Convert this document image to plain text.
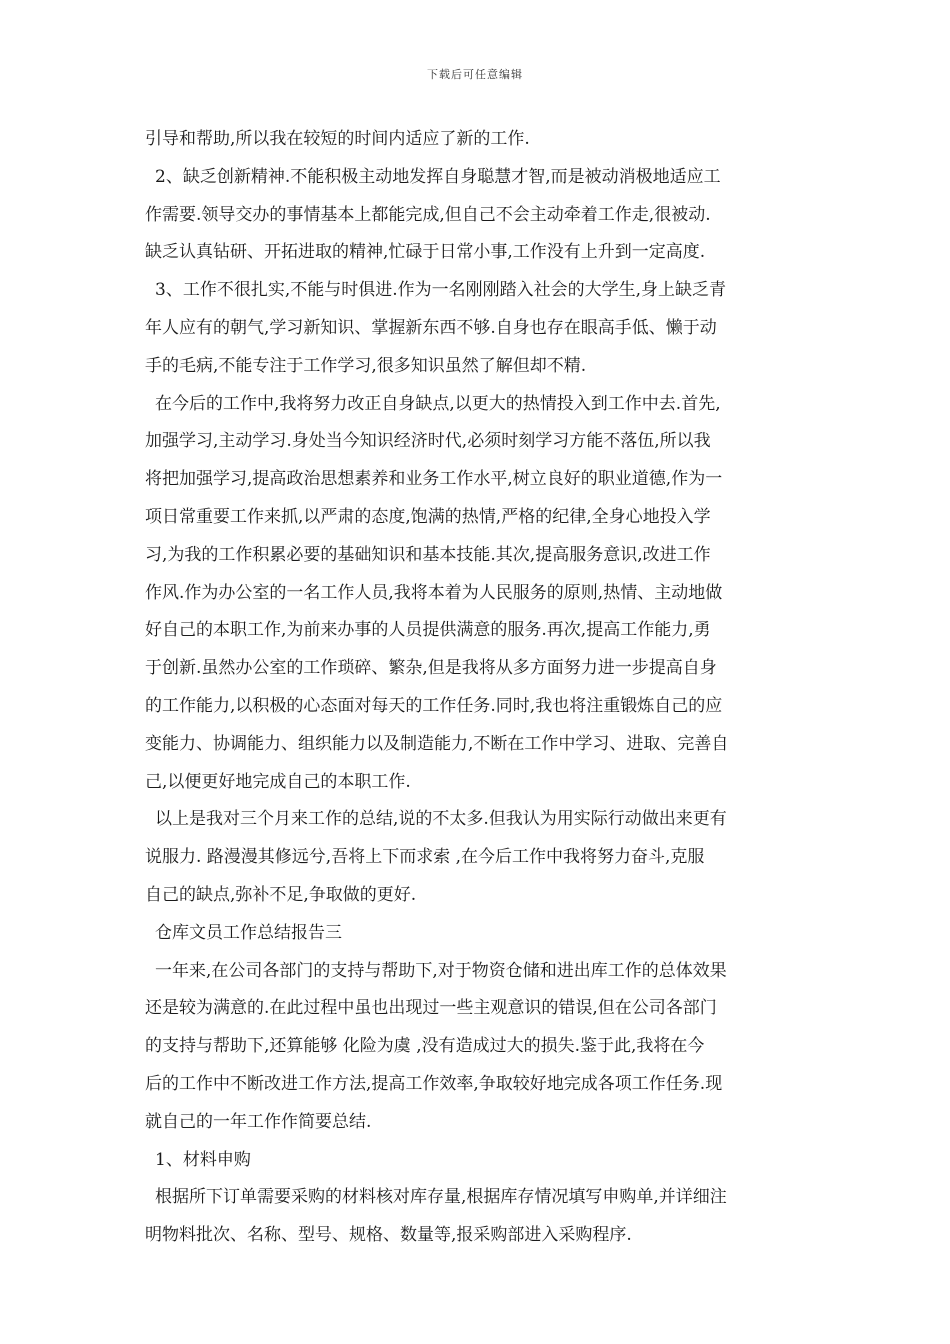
下载后可任意编辑
引导和帮助,所以我在较短的时间内适应了新的工作.
2、缺乏创新精神.不能积极主动地发挥自身聪慧才智,而是被动消极地适应工
作需要.领导交办的事情基本上都能完成,但自己不会主动牵着工作走,很被动.
缺乏认真钻研、开拓进取的精神,忙碌于日常小事,工作没有上升到一定高度.
3、工作不很扎实,不能与时俱进.作为一名刚刚踏入社会的大学生,身上缺乏青
年人应有的朝气,学习新知识、掌握新东西不够.自身也存在眼高手低、懒于动
手的毛病,不能专注于工作学习,很多知识虽然了解但却不精.
在今后的工作中,我将努力改正自身缺点,以更大的热情投入到工作中去.首先,
加强学习,主动学习.身处当今知识经济时代,必须时刻学习方能不落伍,所以我
将把加强学习,提高政治思想素养和业务工作水平,树立良好的职业道德,作为一
项日常重要工作来抓,以严肃的态度,饱满的热情,严格的纪律,全身心地投入学
习,为我的工作积累必要的基础知识和基本技能.其次,提高服务意识,改进工作
作风.作为办公室的一名工作人员,我将本着为人民服务的原则,热情、主动地做
好自己的本职工作,为前来办事的人员提供满意的服务.再次,提高工作能力,勇
于创新.虽然办公室的工作琐碎、繁杂,但是我将从多方面努力进一步提高自身
的工作能力,以积极的心态面对每天的工作任务.同时,我也将注重锻炼自己的应
变能力、协调能力、组织能力以及制造能力,不断在工作中学习、进取、完善自
己,以便更好地完成自己的本职工作.
以上是我对三个月来工作的总结,说的不太多.但我认为用实际行动做出来更有
说服力. 路漫漫其修远兮,吾将上下而求索 ,在今后工作中我将努力奋斗,克服
自己的缺点,弥补不足,争取做的更好.
仓库文员工作总结报告三
一年来,在公司各部门的支持与帮助下,对于物资仓储和进出库工作的总体效果
还是较为满意的.在此过程中虽也出现过一些主观意识的错误,但在公司各部门
的支持与帮助下,还算能够 化险为虞 ,没有造成过大的损失.鉴于此,我将在今
后的工作中不断改进工作方法,提高工作效率,争取较好地完成各项工作任务.现
就自己的一年工作作简要总结.
1、材料申购
根据所下订单需要采购的材料核对库存量,根据库存情况填写申购单,并详细注
明物料批次、名称、型号、规格、数量等,报采购部进入采购程序.
